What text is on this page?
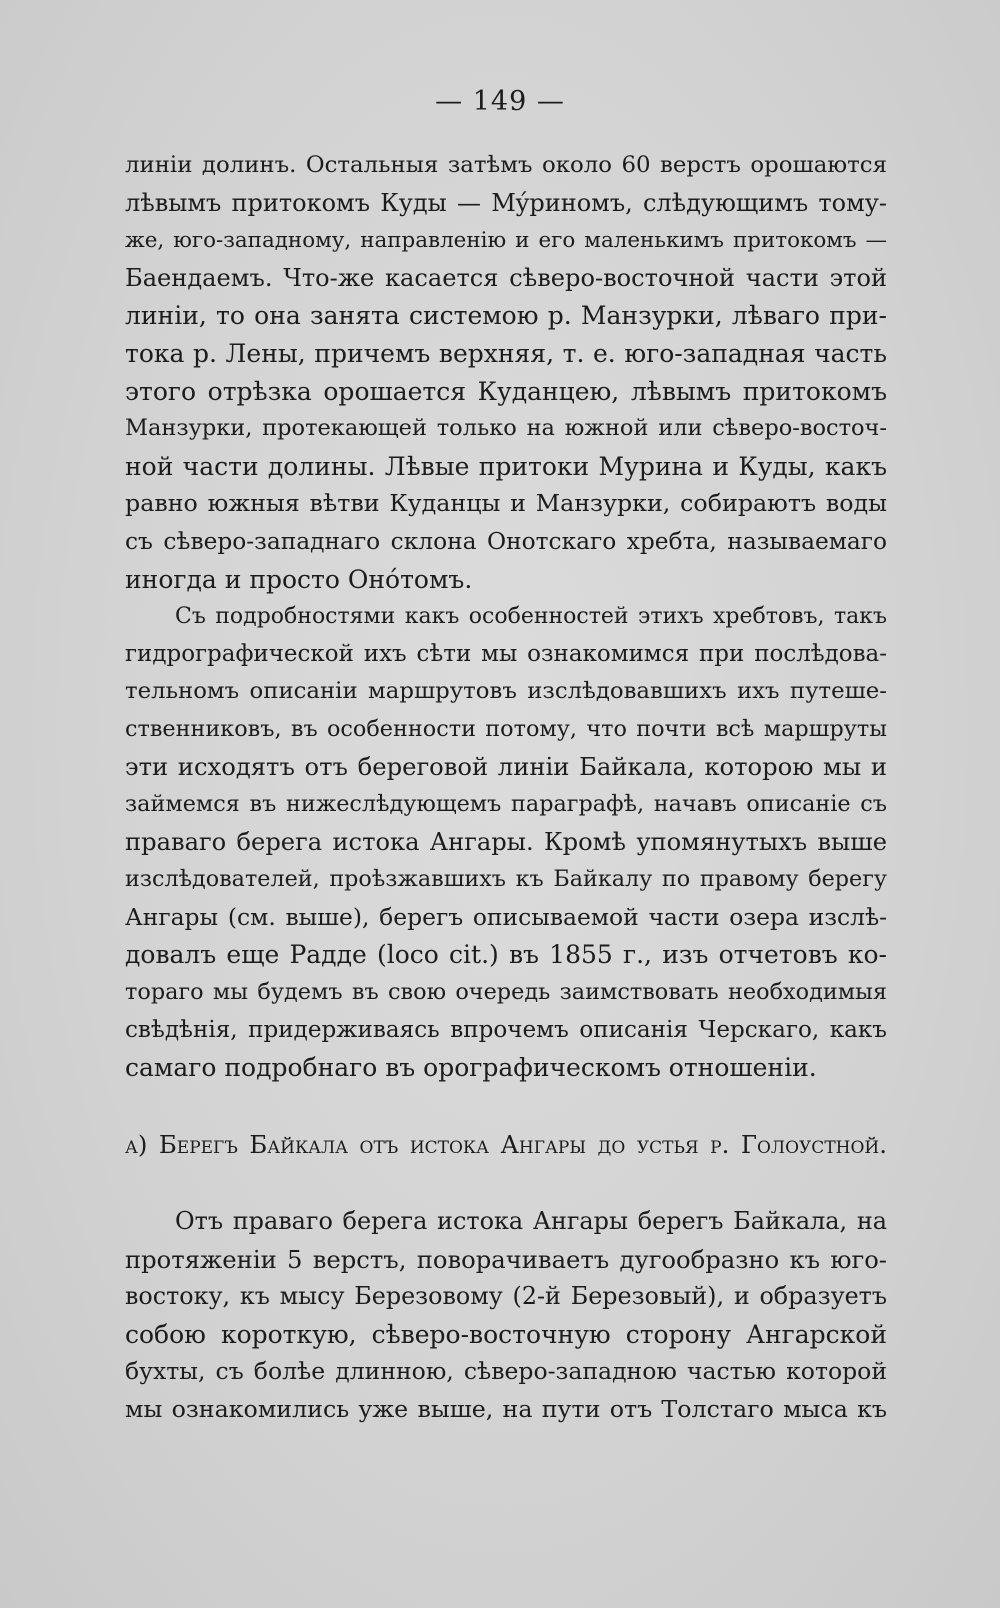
— 149 —
линіи долинъ. Остальныя затѣмъ около 60 верстъ орошаются
лѣвымъ притокомъ Куды — Мýриномъ, слѣдующимъ тому-
же, юго-западному, направленію и его маленькимъ притокомъ —
Баендаемъ. Что-же касается сѣверо-восточной части этой
линіи, то она занята системою р. Манзурки, лѣваго при-
тока р. Лены, причемъ верхняя, т. е. юго-западная часть
этого отрѣзка орошается Куданцею, лѣвымъ притокомъ
Манзурки, протекающей только на южной или сѣверо-восточ-
ной части долины. Лѣвые притоки Мурина и Куды, какъ
равно южныя вѣтви Куданцы и Манзурки, собираютъ воды
съ сѣверо-западнаго склона Онотскаго хребта, называемаго
иногда и просто Онóтомъ.
Съ подробностями какъ особенностей этихъ хребтовъ, такъ
гидрографической ихъ сѣти мы ознакомимся при послѣдова-
тельномъ описаніи маршрутовъ изслѣдовавшихъ ихъ путеше-
ственниковъ, въ особенности потому, что почти всѣ маршруты
эти исходятъ отъ береговой линіи Байкала, которою мы и
займемся въ нижеслѣдующемъ параграфѣ, начавъ описаніе съ
праваго берега истока Ангары. Кромѣ упомянутыхъ выше
изслѣдователей, проѣзжавшихъ къ Байкалу по правому берегу
Ангары (см. выше), берегъ описываемой части озера изслѣ-
довалъ еще Радде (loco cit.) въ 1855 г., изъ отчетовъ ко-
тораго мы будемъ въ свою очередь заимствовать необходимыя
свѣдѣнія, придерживаясь впрочемъ описанія Черскаго, какъ
самаго подробнаго въ орографическомъ отношеніи.
а) Берегъ Байкала отъ истока Ангары до устья р. Голоустной.
Отъ праваго берега истока Ангары берегъ Байкала, на
протяженіи 5 верстъ, поворачиваетъ дугообразно къ юго-
востоку, къ мысу Березовому (2-й Березовый), и образуетъ
собою короткую, сѣверо-восточную сторону Ангарской
бухты, съ болѣе длинною, сѣверо-западною частью которой
мы ознакомились уже выше, на пути отъ Толстаго мыса къ
